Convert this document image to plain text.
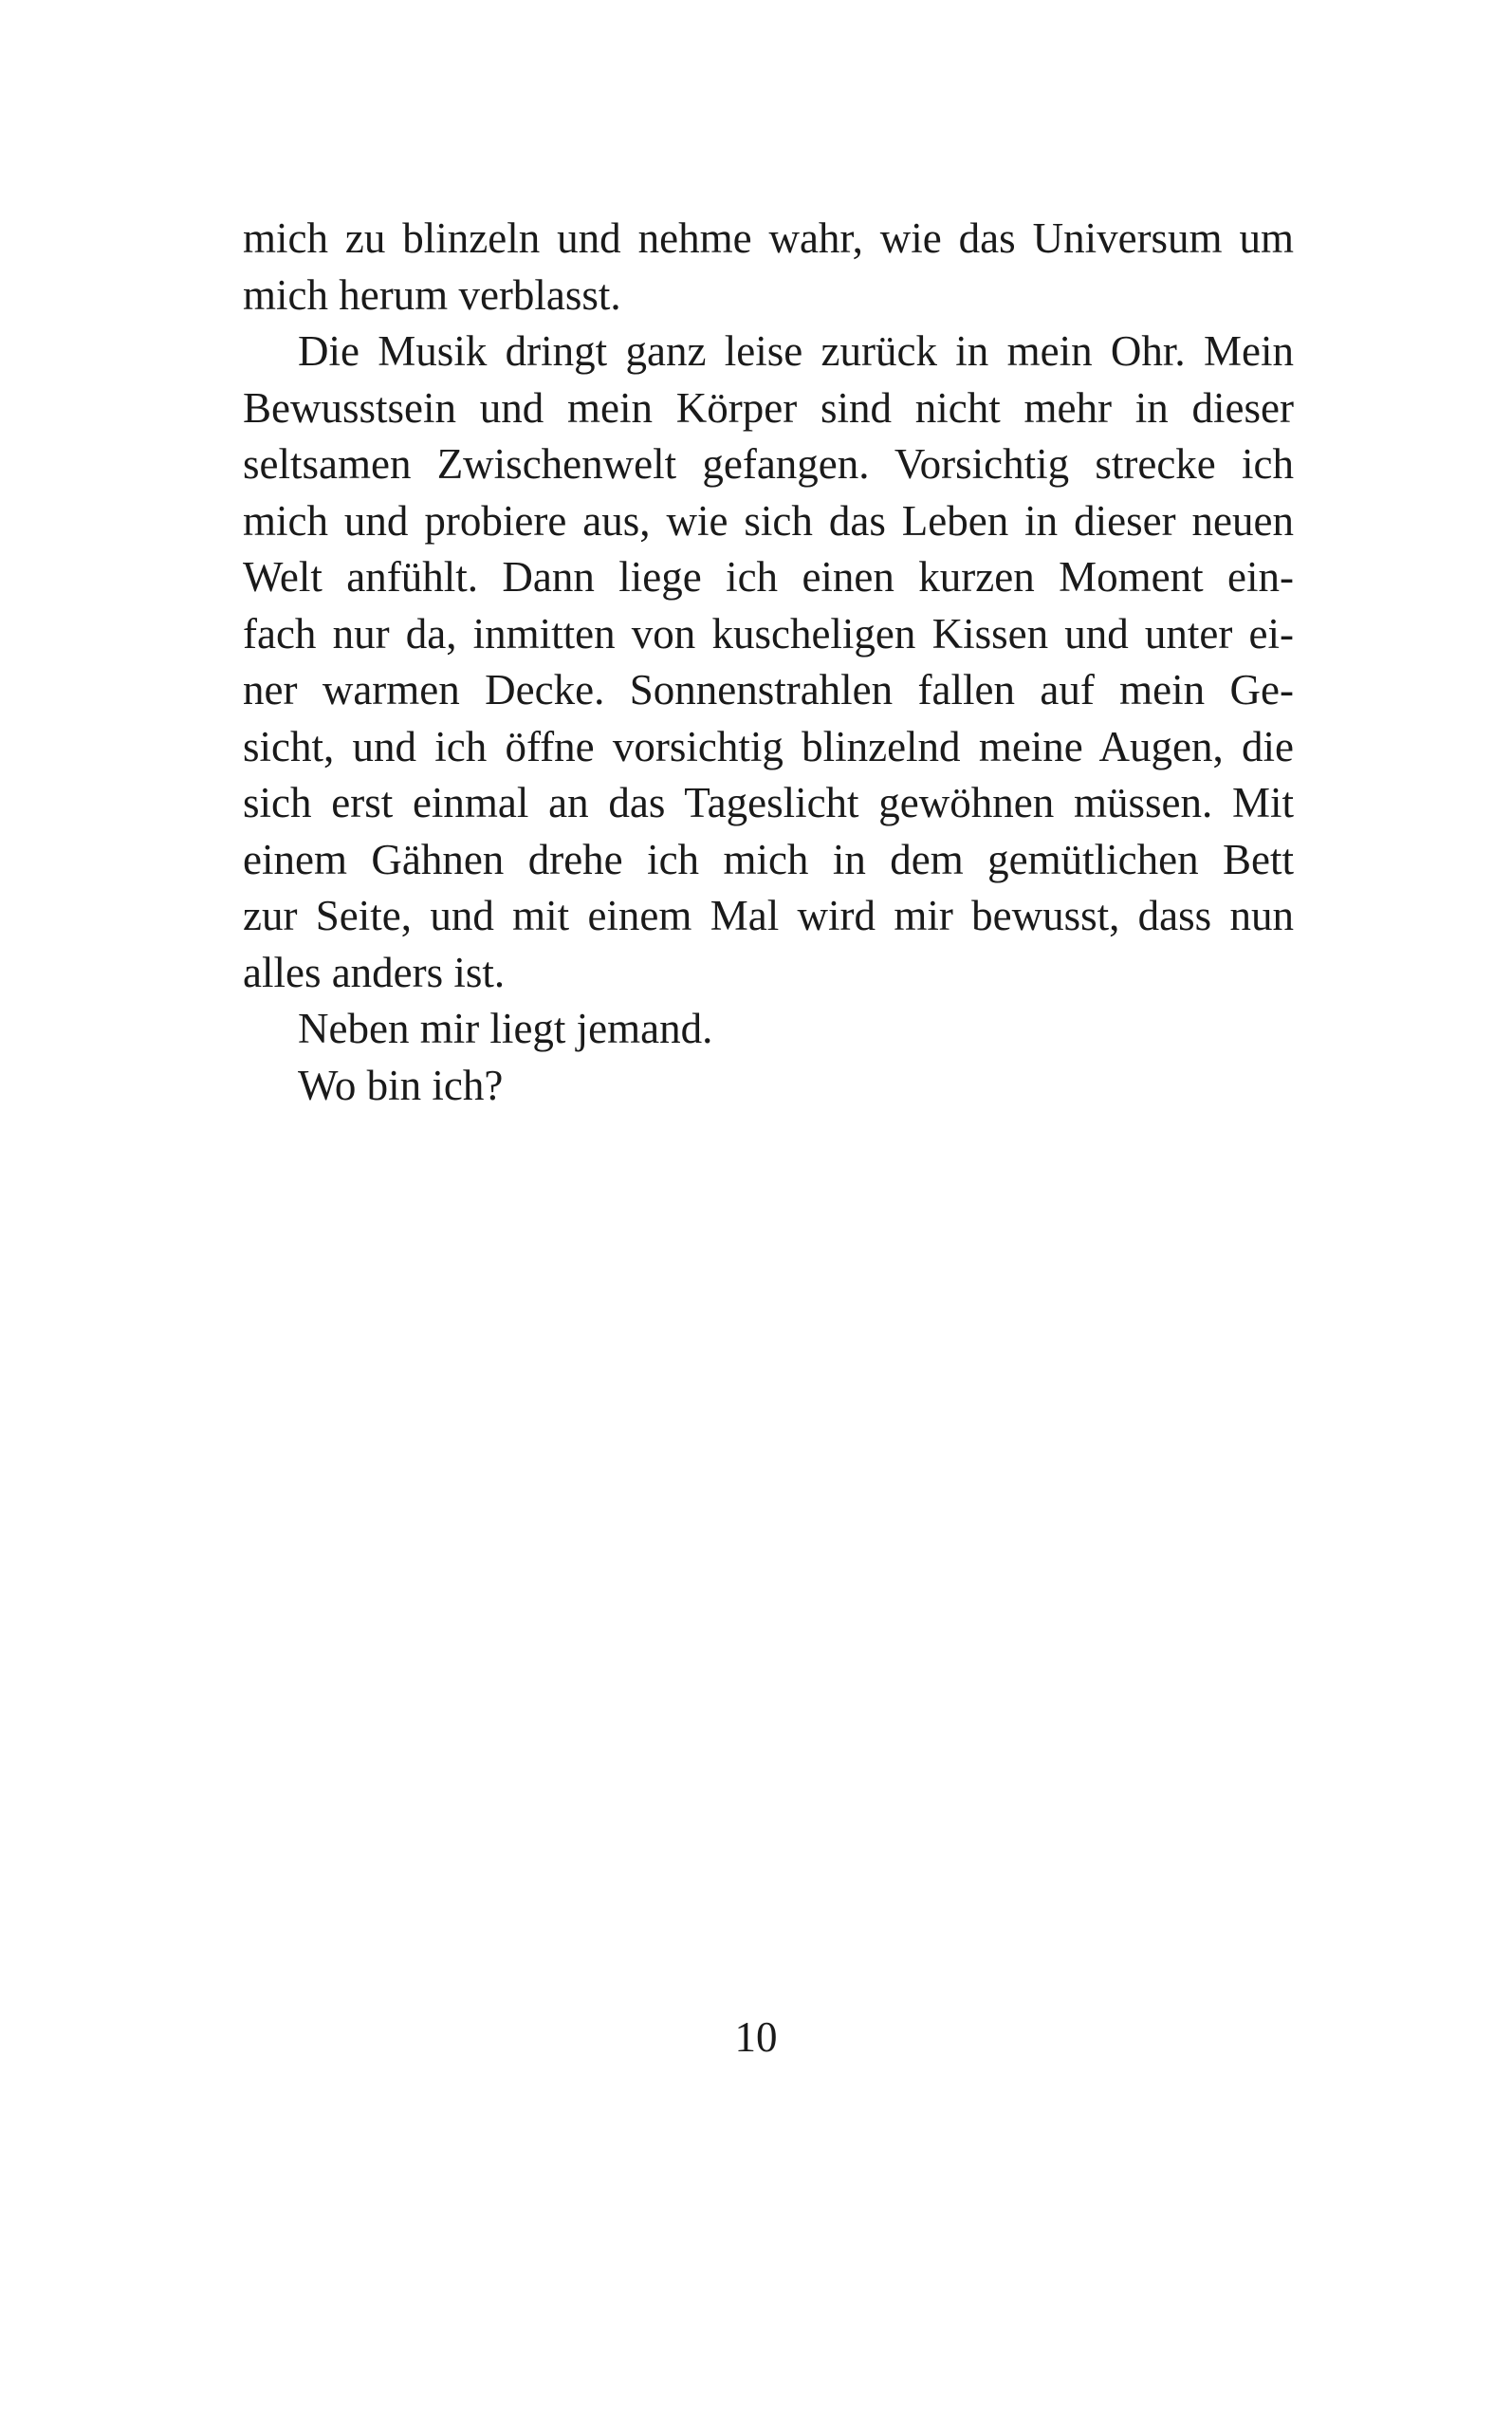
mich zu blinzeln und nehme wahr, wie das Universum um
mich herum verblasst.
Die Musik dringt ganz leise zurück in mein Ohr. Mein
Bewusstsein und mein Körper sind nicht mehr in dieser
seltsamen Zwischenwelt gefangen. Vorsichtig strecke ich
mich und probiere aus, wie sich das Leben in dieser neuen
Welt anfühlt. Dann liege ich einen kurzen Moment ein-
fach nur da, inmitten von kuscheligen Kissen und unter ei-
ner warmen Decke. Sonnenstrahlen fallen auf mein Ge-
sicht, und ich öffne vorsichtig blinzelnd meine Augen, die
sich erst einmal an das Tageslicht gewöhnen müssen. Mit
einem Gähnen drehe ich mich in dem gemütlichen Bett
zur Seite, und mit einem Mal wird mir bewusst, dass nun
alles anders ist.
Neben mir liegt jemand.
Wo bin ich?
10
